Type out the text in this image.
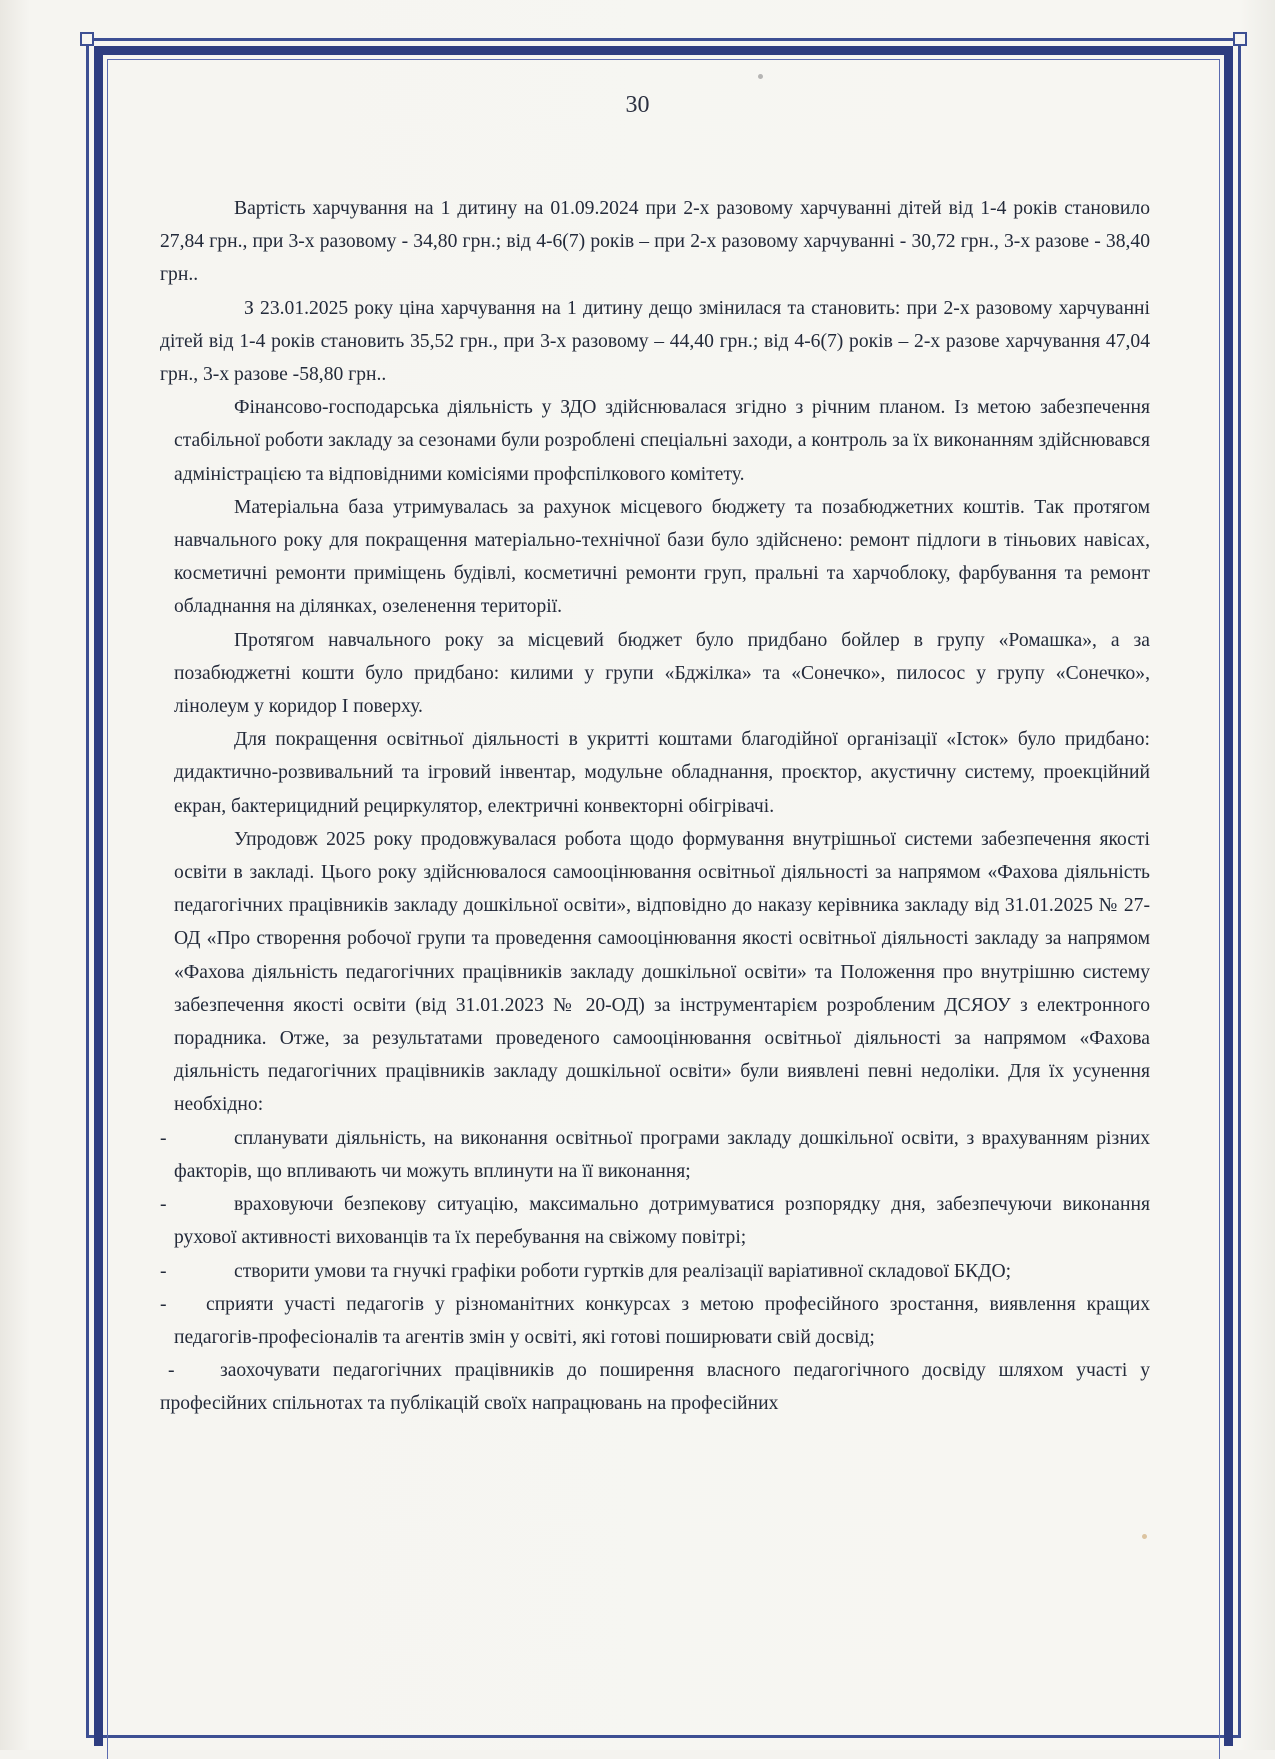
30

Вартість харчування на 1 дитину на 01.09.2024 при 2-х разовому харчуванні дітей від 1-4 років становило 27,84 грн., при 3-х разовому - 34,80 грн.; від 4-6(7) років – при 2-х разовому харчуванні - 30,72 грн., 3-х разове - 38,40 грн..

З 23.01.2025 року ціна харчування на 1 дитину дещо змінилася та становить: при 2-х разовому харчуванні дітей від 1-4 років становить 35,52 грн., при 3-х разовому – 44,40 грн.; від 4-6(7) років – 2-х разове харчування 47,04 грн., 3-х разове -58,80 грн..

Фінансово-господарська діяльність у ЗДО здійснювалася згідно з річним планом. Із метою забезпечення стабільної роботи закладу за сезонами були розроблені спеціальні заходи, а контроль за їх виконанням здійснювався адміністрацією та відповідними комісіями профспілкового комітету.

Матеріальна база утримувалась за рахунок місцевого бюджету та позабюджетних коштів. Так протягом навчального року для покращення матеріально-технічної бази було здійснено: ремонт підлоги в тіньових навісах, косметичні ремонти приміщень будівлі, косметичні ремонти груп, пральні та харчоблоку, фарбування та ремонт обладнання на ділянках, озеленення території.

Протягом навчального року за місцевий бюджет було придбано бойлер в групу «Ромашка», а за позабюджетні кошти було придбано: килими у групи «Бджілка» та «Сонечко», пилосос у групу «Сонечко», лінолеум у коридор І поверху.

Для покращення освітньої діяльності в укритті коштами благодійної організації «Істок» було придбано: дидактично-розвивальний та ігровий інвентар, модульне обладнання, проєктор, акустичну систему, проекційний екран, бактерицидний рециркулятор, електричні конвекторні обігрівачі.

Упродовж 2025 року продовжувалася робота щодо формування внутрішньої системи забезпечення якості освіти в закладі. Цього року здійснювалося самооцінювання освітньої діяльності за напрямом «Фахова діяльність педагогічних працівників закладу дошкільної освіти», відповідно до наказу керівника закладу від 31.01.2025 № 27-ОД «Про створення робочої групи та проведення самооцінювання якості освітньої діяльності закладу за напрямом «Фахова діяльність педагогічних працівників закладу дошкільної освіти» та Положення про внутрішню систему забезпечення якості освіти (від 31.01.2023 № 20-ОД) за інструментарієм розробленим ДСЯОУ з електронного порадника. Отже, за результатами проведеного самооцінювання освітньої діяльності за напрямом «Фахова діяльність педагогічних працівників закладу дошкільної освіти» були виявлені певні недоліки. Для їх усунення необхідно:

-	спланувати діяльність, на виконання освітньої програми закладу дошкільної освіти, з врахуванням різних факторів, що впливають чи можуть вплинути на її виконання;
-	враховуючи безпекову ситуацію, максимально дотримуватися розпорядку дня, забезпечуючи виконання рухової активності вихованців та їх перебування на свіжому повітрі;
-	створити умови та гнучкі графіки роботи гуртків для реалізації варіативної складової БКДО;
- сприяти участі педагогів у різноманітних конкурсах з метою професійного зростання, виявлення кращих педагогів-професіоналів та агентів змін у освіті, які готові поширювати свій досвід;
- заохочувати педагогічних працівників до поширення власного педагогічного досвіду шляхом участі у професійних спільнотах та публікацій своїх напрацювань на професійних
